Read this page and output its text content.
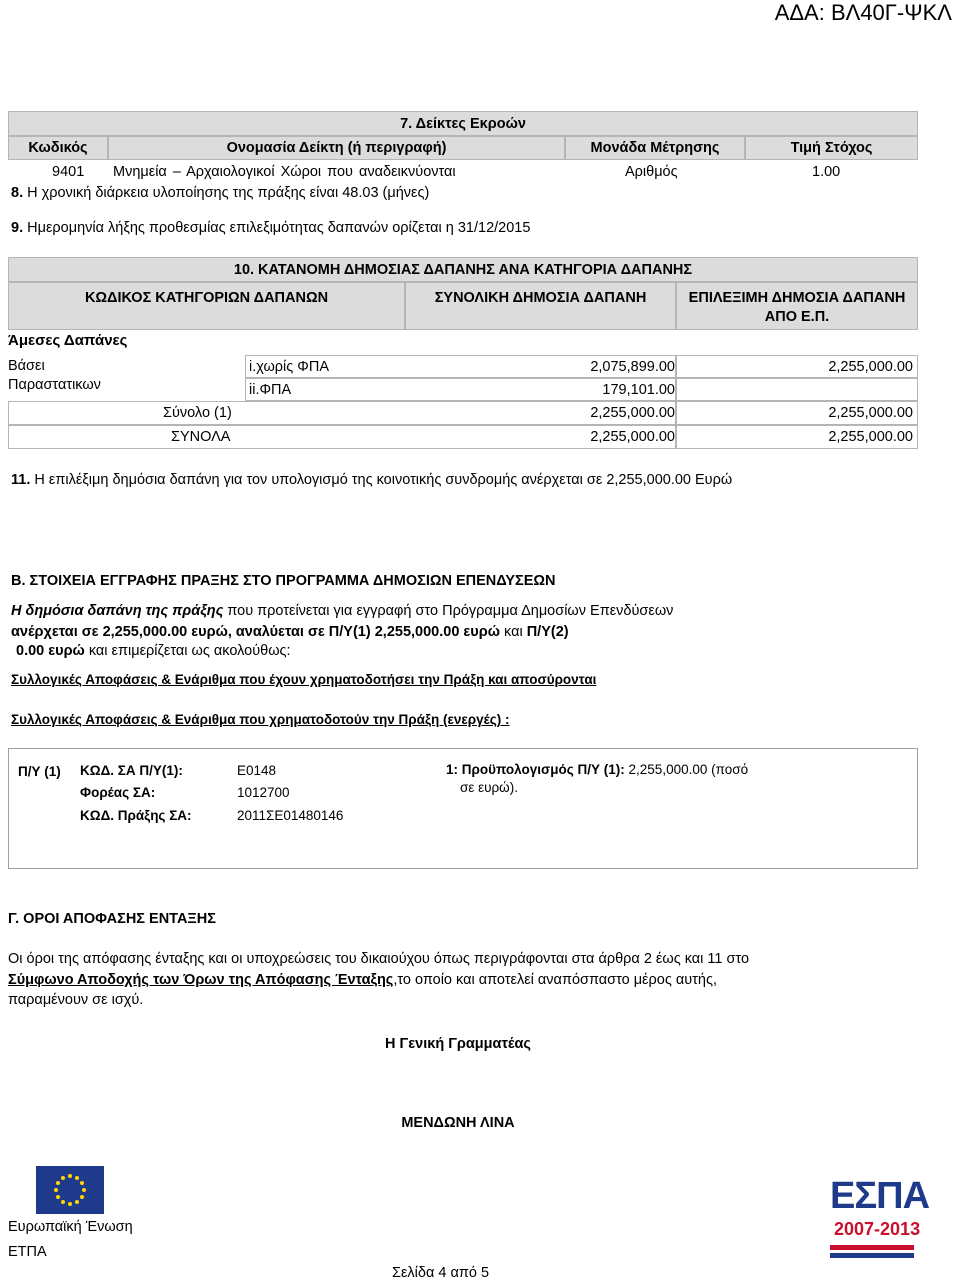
ΑΔΑ: ΒΛ40Γ-ΨΚΛ
7. Δείκτες Εκροών
Κωδικός	Ονομασία Δείκτη (ή περιγραφή)	Μονάδα Μέτρησης	Τιμή Στόχος
9401 Μνημεία – Αρχαιολογικοί Χώροι που αναδεικνύονται	Αριθμός	1.00
8. Η χρονική διάρκεια υλοποίησης της πράξης είναι 48.03 (μήνες)
9. Ημερομηνία λήξης προθεσμίας επιλεξιμότητας δαπανών ορίζεται η 31/12/2015
10. ΚΑΤΑΝΟΜΗ ΔΗΜΟΣΙΑΣ ΔΑΠΑΝΗΣ ΑΝΑ ΚΑΤΗΓΟΡΙΑ ΔΑΠΑΝΗΣ
ΚΩΔΙΚΟΣ ΚΑΤΗΓΟΡΙΩΝ ΔΑΠΑΝΩΝ	ΣΥΝΟΛΙΚΗ ΔΗΜΟΣΙΑ ΔΑΠΑΝΗ	ΕΠΙΛΕΞΙΜΗ ΔΗΜΟΣΙΑ ΔΑΠΑΝΗ
ΑΠΟ Ε.Π.
Άμεσες Δαπάνες
Βάσει
Παραστατικων
i.χωρίς ΦΠΑ	2,075,899.00	2,255,000.00
ii.ΦΠΑ	179,101.00
Σύνολο (1)	2,255,000.00	2,255,000.00
ΣΥΝΟΛΑ	2,255,000.00	2,255,000.00
11. Η επιλέξιμη δημόσια δαπάνη για τον υπολογισμό της κοινοτικής συνδρομής ανέρχεται σε 2,255,000.00 Ευρώ
Β. ΣΤΟΙΧΕΙΑ ΕΓΓΡΑΦΗΣ ΠΡΑΞΗΣ ΣΤΟ ΠΡΟΓΡΑΜΜΑ ΔΗΜΟΣΙΩΝ ΕΠΕΝΔΥΣΕΩΝ
Η δημόσια δαπάνη της πράξης που προτείνεται για εγγραφή στο Πρόγραμμα Δημοσίων Επενδύσεων
ανέρχεται σε 2,255,000.00 ευρώ, αναλύεται σε Π/Υ(1) 2,255,000.00 ευρώ και Π/Υ(2)
0.00 ευρώ και επιμερίζεται ως ακολούθως:
Συλλογικές Αποφάσεις & Ενάριθμα που έχουν χρηματοδοτήσει την Πράξη και αποσύρονται
Συλλογικές Αποφάσεις & Ενάριθμα που χρηματοδοτούν την Πράξη (ενεργές) :
Π/Υ (1) ΚΩΔ. ΣΑ Π/Υ(1):	Ε0148
Φορέας ΣΑ:	1012700
ΚΩΔ. Πράξης ΣΑ:	2011ΣΕ01480146
1: Προϋπολογισμός Π/Υ (1): 2,255,000.00 (ποσό
σε ευρώ).
Γ. ΟΡΟΙ ΑΠΟΦΑΣΗΣ ΕΝΤΑΞΗΣ
Οι όροι της απόφασης ένταξης και οι υποχρεώσεις του δικαιούχου όπως περιγράφονται στα άρθρα 2 έως και 11 στο
Σύμφωνο Αποδοχής των Όρων της Απόφασης Ένταξης,το οποίο και αποτελεί αναπόσπαστο μέρος αυτής,
παραμένουν σε ισχύ.
Η Γενική Γραμματέας
ΜΕΝΔΩΝΗ ΛΙΝΑ
Ευρωπαϊκή Ένωση
ΕΤΠΑ
Σελίδα 4 από 5
ΕΣΠΑ
2007-2013
